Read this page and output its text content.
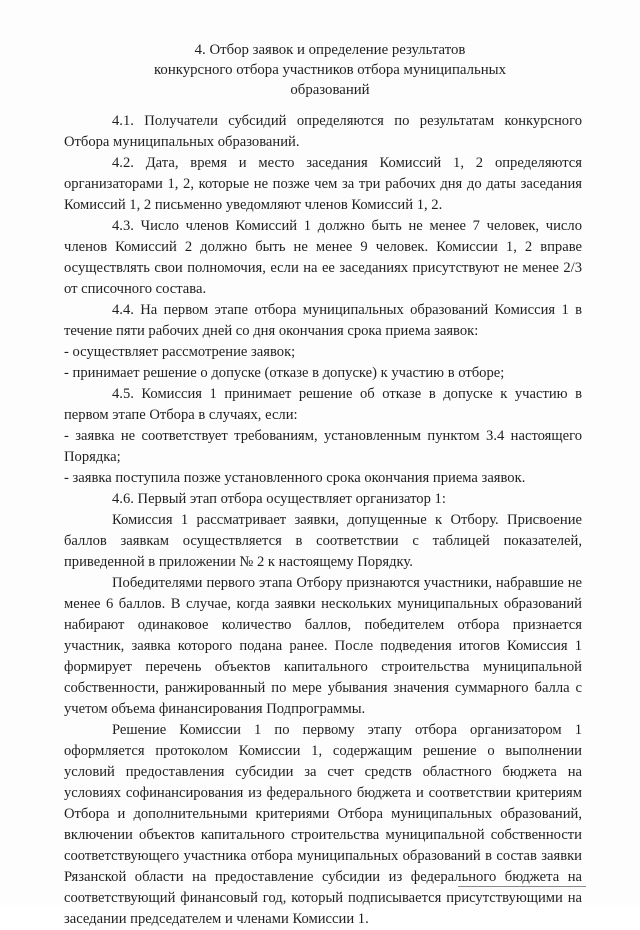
4. Отбор заявок и определение результатов
конкурсного отбора участников отбора муниципальных
образований

4.1. Получатели субсидий определяются по результатам конкурсного Отбора муниципальных образований.

4.2. Дата, время и место заседания Комиссий 1, 2 определяются организаторами 1, 2, которые не позже чем за три рабочих дня до даты заседания Комиссий 1, 2 письменно уведомляют членов Комиссий 1, 2.

4.3. Число членов Комиссий 1 должно быть не менее 7 человек, число членов Комиссий 2 должно быть не менее 9 человек. Комиссии 1, 2 вправе осуществлять свои полномочия, если на ее заседаниях присутствуют не менее 2/3 от списочного состава.

4.4. На первом этапе отбора муниципальных образований Комиссия 1 в течение пяти рабочих дней со дня окончания срока приема заявок:

- осуществляет рассмотрение заявок;

- принимает решение о допуске (отказе в допуске) к участию в отборе;

4.5. Комиссия 1 принимает решение об отказе в допуске к участию в первом этапе Отбора в случаях, если:

- заявка не соответствует требованиям, установленным пунктом 3.4 настоящего Порядка;

- заявка поступила позже установленного срока окончания приема заявок.

4.6. Первый этап отбора осуществляет организатор 1:

Комиссия 1 рассматривает заявки, допущенные к Отбору. Присвоение баллов заявкам осуществляется в соответствии с таблицей показателей, приведенной в приложении № 2 к настоящему Порядку.

Победителями первого этапа Отбору признаются участники, набравшие не менее 6 баллов. В случае, когда заявки нескольких муниципальных образований набирают одинаковое количество баллов, победителем отбора признается участник, заявка которого подана ранее. После подведения итогов Комиссия 1 формирует перечень объектов капитального строительства муниципальной собственности, ранжированный по мере убывания значения суммарного балла с учетом объема финансирования Подпрограммы.

Решение Комиссии 1 по первому этапу отбора организатором 1 оформляется протоколом Комиссии 1, содержащим решение о выполнении условий предоставления субсидии за счет средств областного бюджета на условиях софинансирования из федерального бюджета и соответствии критериям Отбора и дополнительными критериями Отбора муниципальных образований, включении объектов капитального строительства муниципальной собственности соответствующего участника отбора муниципальных образований в состав заявки Рязанской области на предоставление субсидии из федерального бюджета на соответствующий финансовый год, который подписывается присутствующими на заседании председателем и членами Комиссии 1.
